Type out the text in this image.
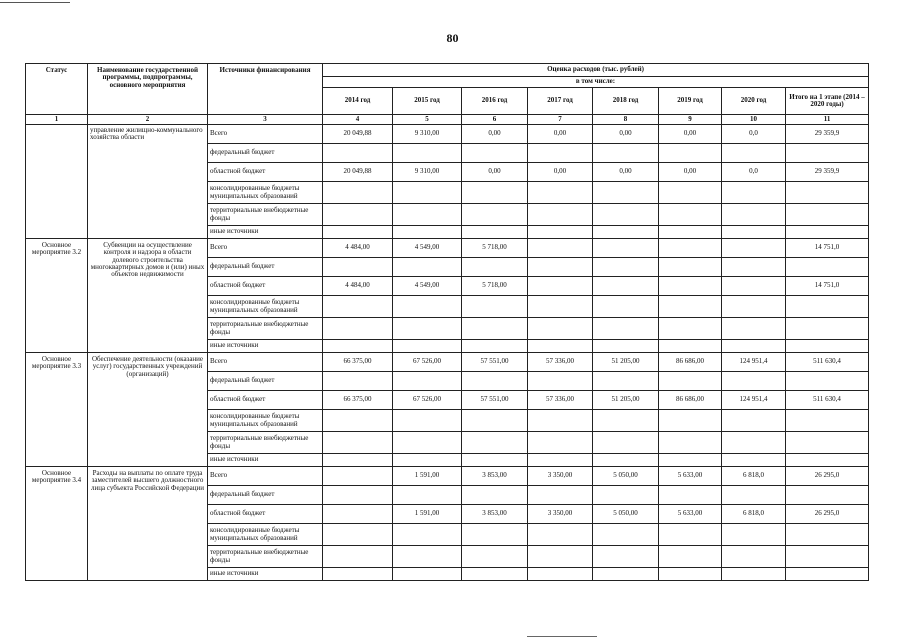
80
Статус	Наименование государственной программы, подпрограммы, основного мероприятия	Источники финансирования	Оценка расходов (тыс. рублей)							
			в том числе:							
			2014 год	2015 год	2016 год	2017 год	2018 год	2019 год	2020 год	Итого на 1 этапе (2014 – 2020 годы)
1	2	3	4	5	6	7	8	9	10	11
	управление жилищно-коммунального хозяйства области	Всего	20 049,88	9 310,00	0,00	0,00	0,00	0,00	0,0	29 359,9
		федеральный бюджет								
		областной бюджет	20 049,88	9 310,00	0,00	0,00	0,00	0,00	0,0	29 359,9
		консолидированные бюджеты муниципальных образований								
		территориальные внебюджетные фонды								
		иные источники								
Основное мероприятие 3.2	Субвенции на осуществление контроля и надзора в области долевого строительства многоквартирных домов и (или) иных объектов недвижимости	Всего	4 484,00	4 549,00	5 718,00					14 751,0
		федеральный бюджет								
		областной бюджет	4 484,00	4 549,00	5 718,00					14 751,0
		консолидированные бюджеты муниципальных образований								
		территориальные внебюджетные фонды								
		иные источники								
Основное мероприятие 3.3	Обеспечение деятельности (оказание услуг) государственных учреждений (организаций)	Всего	66 375,00	67 526,00	57 551,00	57 336,00	51 205,00	86 686,00	124 951,4	511 630,4
		федеральный бюджет								
		областной бюджет	66 375,00	67 526,00	57 551,00	57 336,00	51 205,00	86 686,00	124 951,4	511 630,4
		консолидированные бюджеты муниципальных образований								
		территориальные внебюджетные фонды								
		иные источники								
Основное мероприятие 3.4	Расходы на выплаты по оплате труда заместителей высшего должностного лица субъекта Российской Федерации	Всего		1 591,00	3 853,00	3 350,00	5 050,00	5 633,00	6 818,0	26 295,0
		федеральный бюджет								
		областной бюджет		1 591,00	3 853,00	3 350,00	5 050,00	5 633,00	6 818,0	26 295,0
		консолидированные бюджеты муниципальных образований								
		территориальные внебюджетные фонды								
		иные источники								
